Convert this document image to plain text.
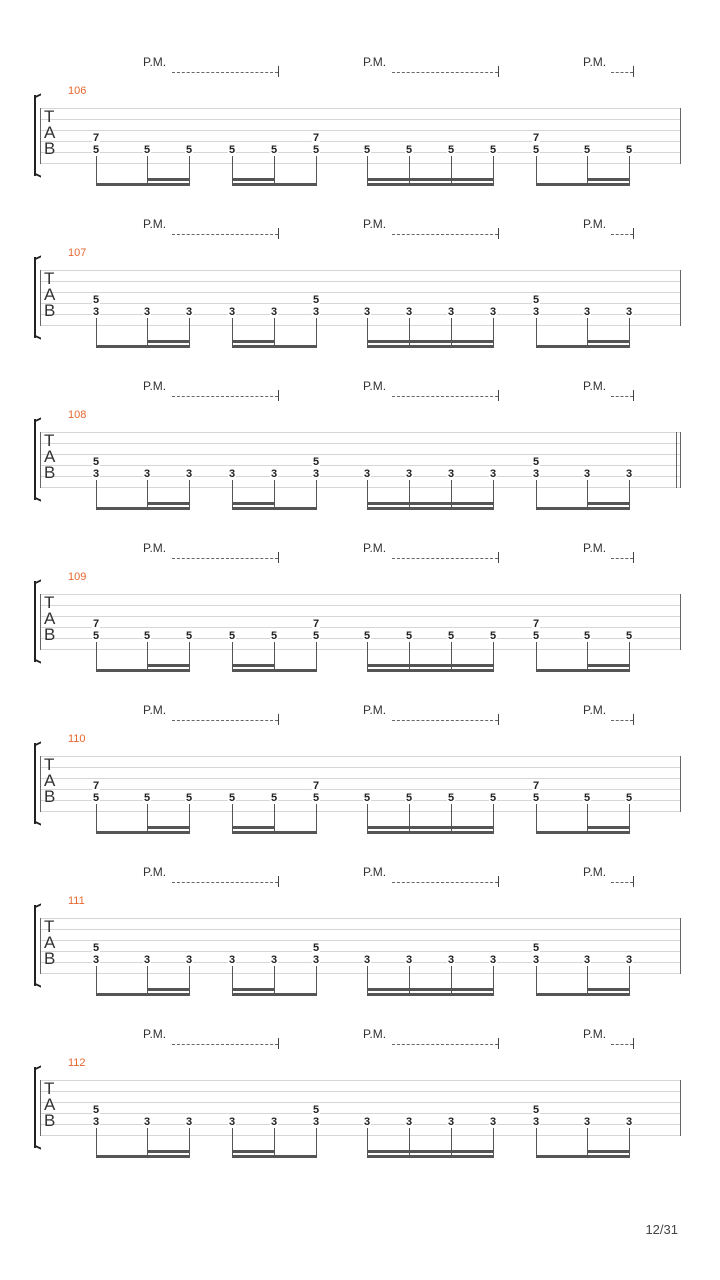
P.M.	P.M.	P.M.
106
T
A
B	5
7
5	5	5	5	5
7
5	5	5	5	5
7
5	5
P.M.	P.M.	P.M.
107
T
A
B	3
5
3	3	3	3	3
5
3	3	3	3	3
5
3	3
P.M.	P.M.	P.M.
108
T
A
B	3
5
3	3	3	3	3
5
3	3	3	3	3
5
3	3
P.M.	P.M.	P.M.
109
T
A
B	5
7
5	5	5	5	5
7
5	5	5	5	5
7
5	5
P.M.	P.M.	P.M.
110
T
A
B	5
7
5	5	5	5	5
7
5	5	5	5	5
7
5	5
P.M.	P.M.	P.M.
111
T
A
B	3
5
3	3	3	3	3
5
3	3	3	3	3
5
3	3
P.M.	P.M.	P.M.
112
T
A
B	3
5
3	3	3	3	3
5
3	3	3	3	3
5
3	3
12/31
